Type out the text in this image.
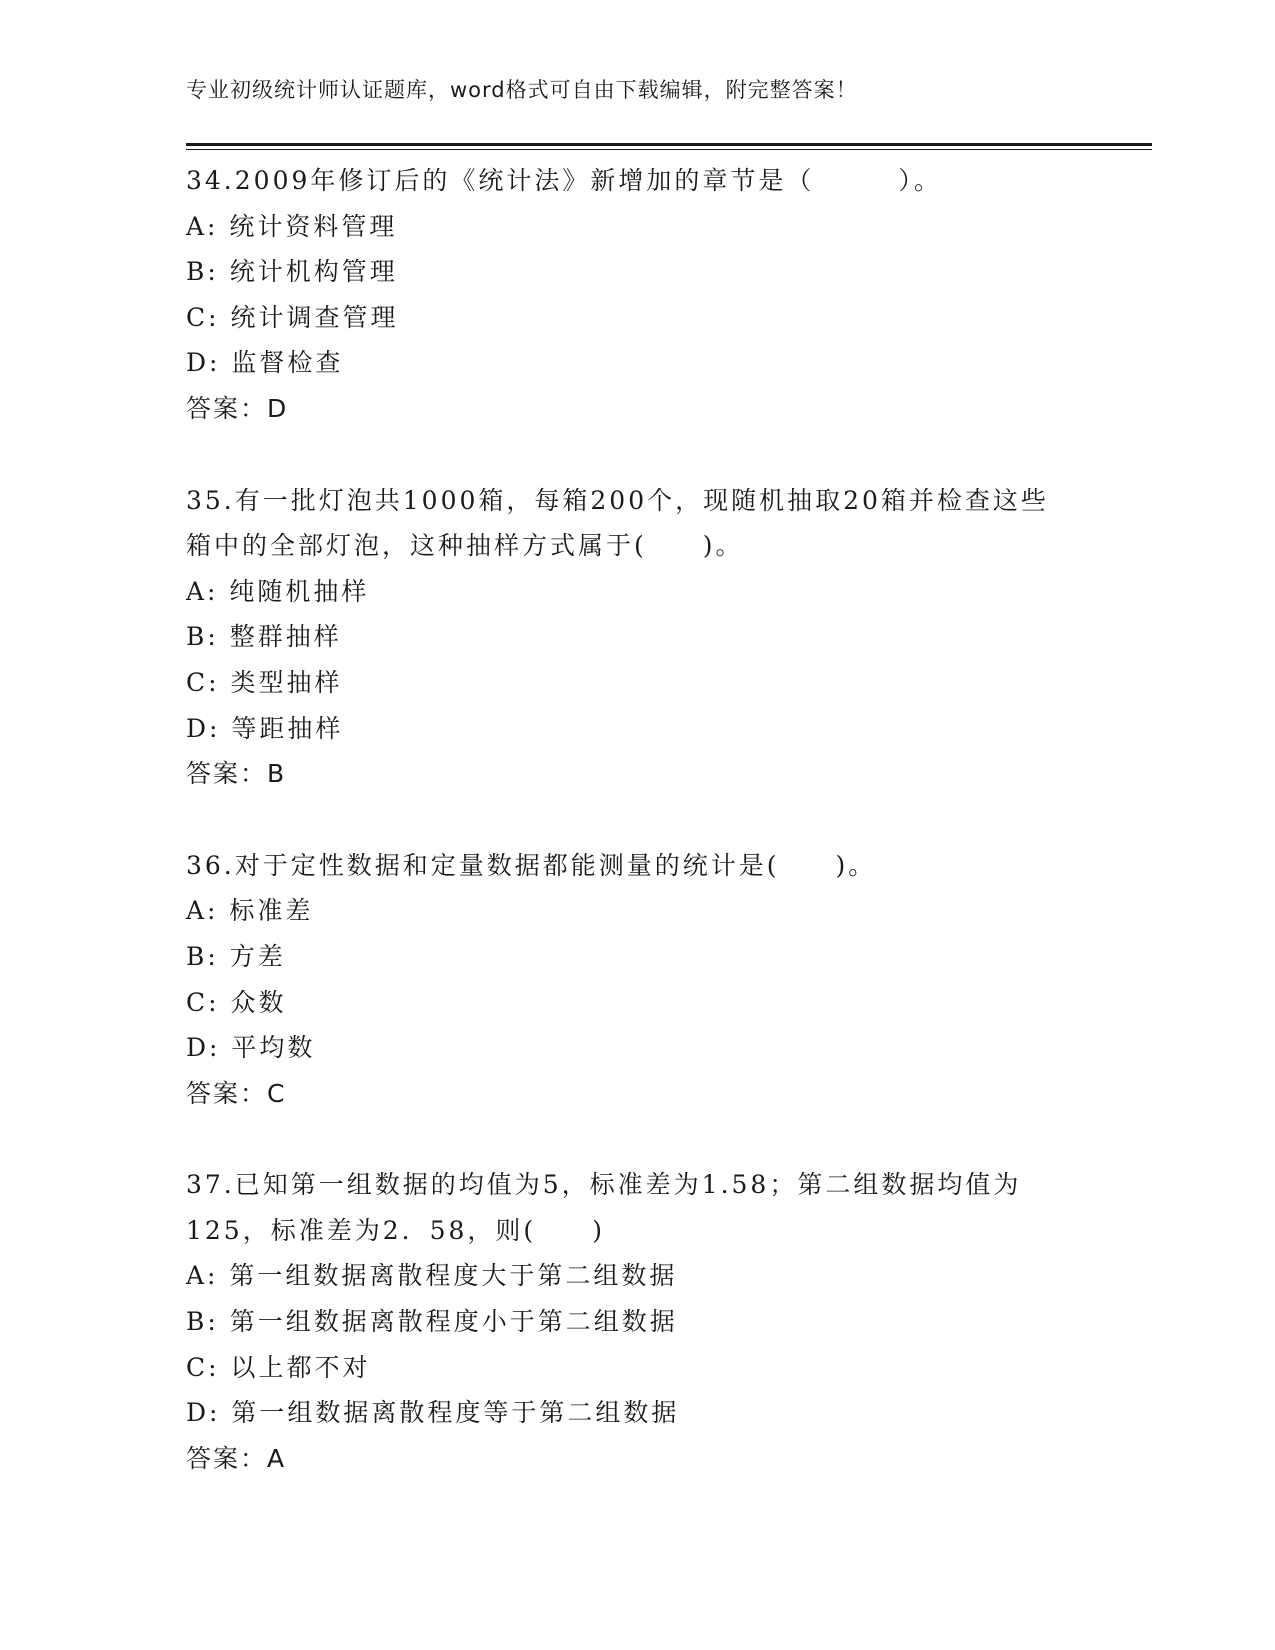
专业初级统计师认证题库，word格式可自由下载编辑，附完整答案！
34.2009年修订后的《统计法》新增加的章节是（　　　）。
A: 统计资料管理
B: 统计机构管理
C: 统计调查管理
D: 监督检查
答案：D
35.有一批灯泡共1000箱，每箱200个，现随机抽取20箱并检查这些
箱中的全部灯泡，这种抽样方式属于(　　)。
A: 纯随机抽样
B: 整群抽样
C: 类型抽样
D: 等距抽样
答案：B
36.对于定性数据和定量数据都能测量的统计是(　　)。
A: 标准差
B: 方差
C: 众数
D: 平均数
答案：C
37.已知第一组数据的均值为5，标准差为1.58；第二组数据均值为
125，标准差为2．58，则(　　)
A: 第一组数据离散程度大于第二组数据
B: 第一组数据离散程度小于第二组数据
C: 以上都不对
D: 第一组数据离散程度等于第二组数据
答案：A
